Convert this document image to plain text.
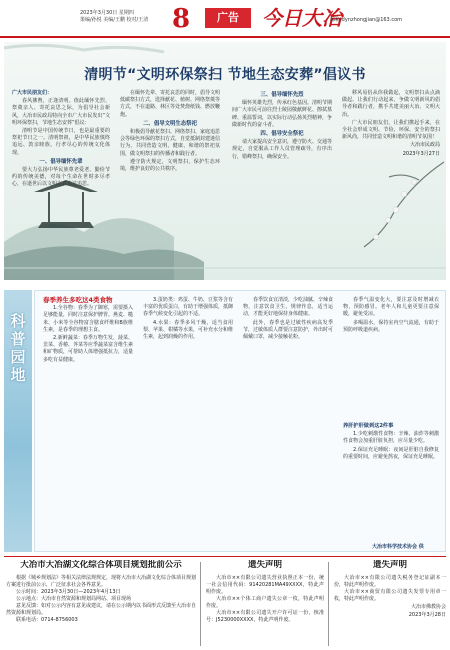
2023年3月30日 星期四
策编/孙悦 美编/王鹏 校对/王清 8	广告	今日大冶
邮箱:dynzhongjian@163.com
清明节“文明环保祭扫 节地生态安葬”倡议书

广大市民朋友们：

春风拂煦，正逢清明。值此缅怀先烈、祭奠亲人、寄托哀思之际，为倡导社会新风，大冶市民政局特向全市广大市民发出“文明环保祭扫，节地生态安葬”倡议：

清明节是中国传统节日，也是最重要的祭祀节日之一。清明祭祖，是中华民族慎终追远、敦亲睦族、行孝尽心的传统文化体现。

一、倡导缅怀先辈

要大力弘扬中华民族尊老爱老、勤俭节约的传统美德，对每个生命在世时多尽孝心，在逝世后以文明方式表达追思。

在缅怀先辈、寄托哀思的同时，倡导文明低碳祭扫方式，选择献花、植树、网络祭奠等方式，不在道路、林区等处焚烧纸钱、燃放鞭炮。

二、倡导文明生态祭祀

积极倡导献花祭扫、网络祭扫、家庭追思会等绿色环保的祭扫方式，自觉抵制封建迷信行为，共同营造文明、健康、和谐的祭祀氛围，做文明祭扫的传播者和践行者。

遵守防火规定，文明祭扫，保护生态环境，维护良好的公共秩序。

三、倡导缅怀先烈

缅怀英雄先烈，传承红色基因。清明节期间广大市民可前往烈士陵园敬献鲜花、擦拭墓碑、重温誓词，以实际行动弘扬英烈精神，争做新时代的奋斗者。

四、倡导安全祭祀

请大家提高安全意识，遵守防火、交通等规定，自觉服从工作人员管理疏导，有序出行，错峰祭扫，确保安全。

移风易俗从你我做起，文明祭扫从点滴做起。让我们行动起来，争做文明新风的倡导者和践行者，携手共建美丽大冶、文明大冶。

广大市民朋友们，让我们携起手来，在全社会形成文明、节俭、环保、安全的祭扫新风尚，共同营造文明和谐的清明节氛围！

大冶市民政局

2023年3月27日

科普园地

春季养生多吃这4类食物

1.全谷物：春季为了御寒，需要摄入足够能量，同时注意保护脾胃。燕麦、糙米、小米等全谷物富含膳食纤维和B族维生素，是春季的理想主食。

2.新鲜蔬菜：春季万物生发，菠菜、韭菜、香椿、荠菜等应季蔬菜富含维生素和矿物质，可帮助人体增强抵抗力，适量多吃有益健康。

3.蛋奶类：鸡蛋、牛奶、豆浆等含有丰富的优质蛋白，有助于增强体质，抵御春季气候变化引起的不适。

4.水果：春季多风干燥，适当食用梨、苹果、柑橘等水果，可补充水分和维生素，起到润燥的作用。

春季饮食宜清淡，少吃油腻、辛辣食物，注意饮食卫生，规律作息，适当运动，才能更好地保持身体健康。

此外，春季也是过敏性疾病高发季节，过敏体质人群要注意防护，外出时可佩戴口罩，减少接触花粉。

春季气温变化大，要注意及时增减衣物，预防感冒。老年人和儿童更要注意保暖，避免受凉。

多喝温水，保持室内空气流通，有助于预防呼吸道疾病。

养肝护肝做到这2件事

1.少吃刺激性食物：辛辣、油炸等刺激性食物会加重肝脏负担，应尽量少吃。

2.保证充足睡眠：夜间是肝脏自我修复的重要时间，应避免熬夜，保证充足睡眠。

大冶市科学技术协会 供
大冶市大冶湖文化综合体项目规划批前公示

根据《城乡规划法》等相关法律法规规定，现将大冶市大冶湖文化综合体项目规划方案进行批前公示，广泛征求社会各界意见。

公示时间：2023年3月30日—2023年4月13日

公示地点：大冶市自然资源和规划局网站、项目现场

意见反馈：如对公示内容有意见或建议，请在公示期内以书面形式反馈至大冶市自然资源和规划局。

联系电话：0714-8756003

遗失声明

大冶市××有限公司遗失营业执照正本一份，统一社会信用代码：91420281MA49XXXX，特此声明作废。

大冶市××个体工商户遗失公章一枚，特此声明作废。

大冶市××有限公司遗失开户许可证一份，核准号：J5230000XXXX，特此声明作废。

遗失声明

大冶市××有限公司遗失税务登记证副本一份，特此声明作废。

大冶市××商贸有限公司遗失发票专用章一枚，特此声明作废。

大冶市佛教协会

2023年3月28日
